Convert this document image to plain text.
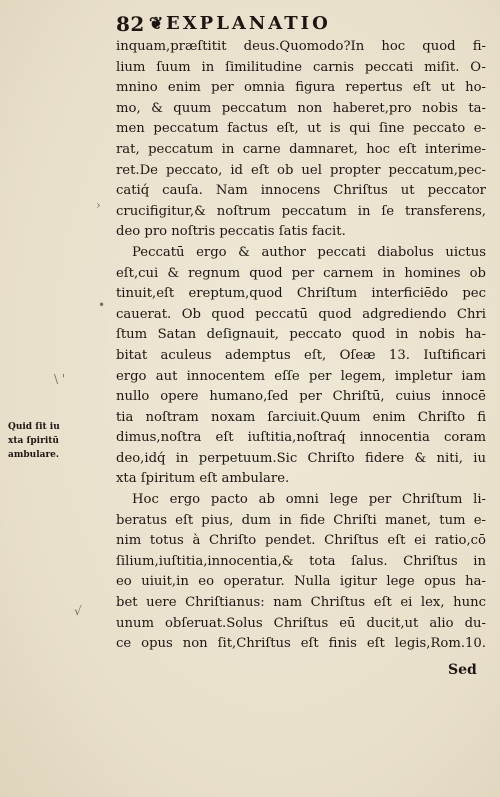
82 ❦ EXPLANATIO
inquam,præſtitit deus.Quomodo?In hoc quod fi-
lium ſuum in ſimilitudine carnis peccati miſit. O-
mnino enim per omnia figura repertus eſt ut ho-
mo, & quum peccatum non haberet,pro nobis ta-
men peccatum factus eſt, ut is qui ſine peccato e-
rat, peccatum in carne damnaret, hoc eſt interime-
ret.De peccato, id eſt ob uel propter peccatum,pec-
catiq́ cauſa. Nam innocens Chriſtus ut peccator
crucifigitur,& noſtrum peccatum in ſe transferens,
deo pro noſtris peccatis ſatis facit.
Peccatū ergo & author peccati diabolus uictus
eſt,cui & regnum quod per carnem in homines ob
tinuit,eſt ereptum,quod Chriſtum interficiēdo pec
cauerat. Ob quod peccatū quod adgrediendo Chri
ſtum Satan deſignauit, peccato quod in nobis ha-
bitat aculeus ademptus eſt, Oſeæ 13. Iuſtificari
ergo aut innocentem eſſe per legem, impletur iam
nullo opere humano,ſed per Chriſtū, cuius innocē
tia noſtram noxam ſarciuit.Quum enim Chriſto fi
dimus,noſtra eſt iuſtitia,noſtraq́ innocentia coram
deo,idq́ in perpetuum.Sic Chriſto fidere & niti, iu
xta ſpiritum eſt ambulare.
Hoc ergo pacto ab omni lege per Chriſtum li-
beratus eſt pius, dum in fide Chriſti manet, tum e-
nim totus à Chriſto pendet. Chriſtus eſt ei ratio,cō
ſilium,iuſtitia,innocentia,& tota ſalus. Chriſtus in
eo uiuit,in eo operatur. Nulla igitur lege opus ha-
bet uere Chriſtianus: nam Chriſtus eſt ei lex, hunc
unum obſeruat.Solus Chriſtus eū ducit,ut alio du-
ce opus non ſit,Chriſtus eſt finis eſt legis,Rom.10.
Sed
Quid ſit iu
xta ſpiritū
ambulare.
›
•
\ '
√
